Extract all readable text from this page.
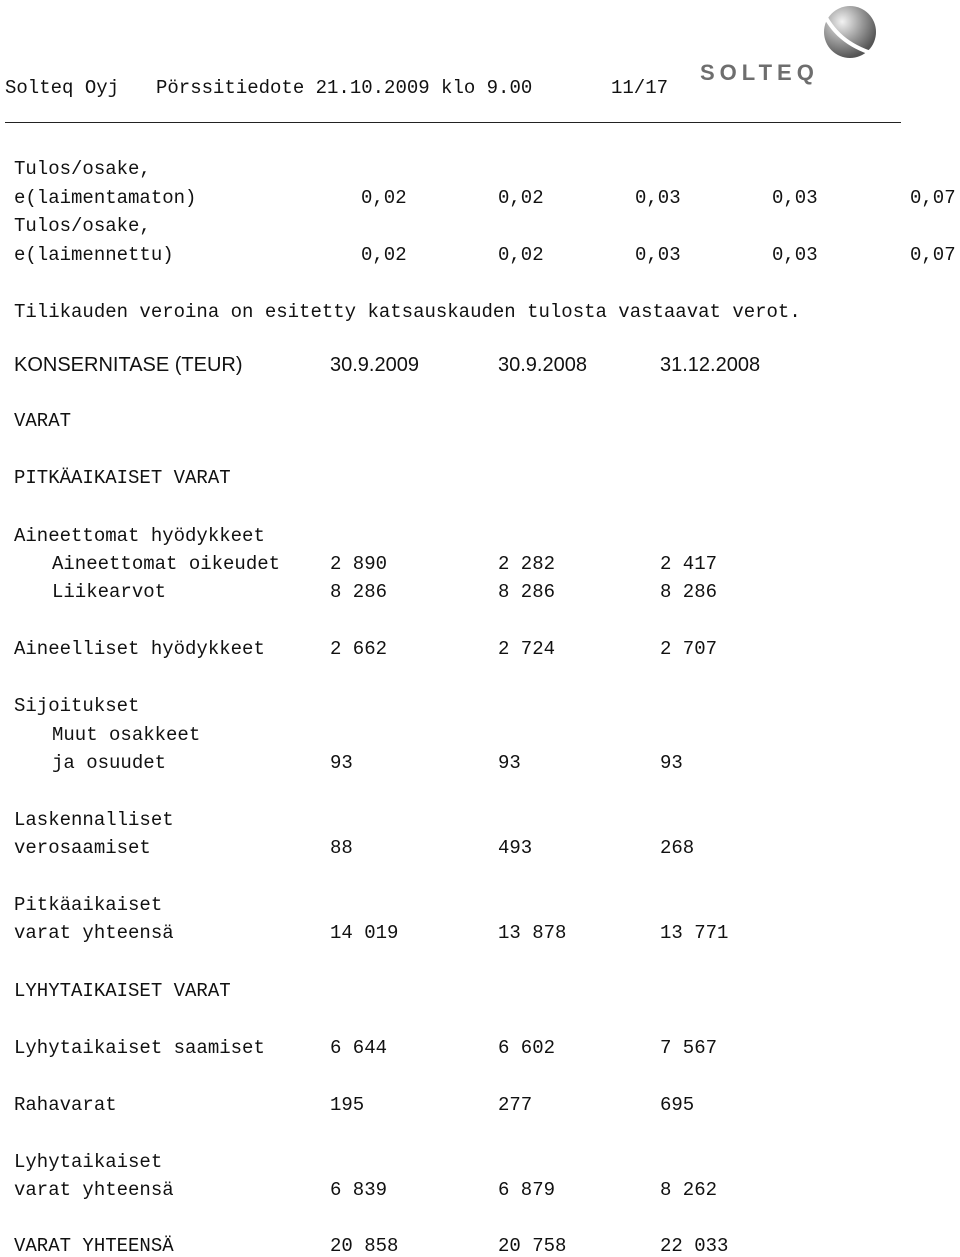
Solteq Oyj Pörssitiedote 21.10.2009 klo 9.00	11/17
SOLTEQ
Tulos/osake,
e(laimentamaton)	0,02	0,02	0,03	0,03	0,07
Tulos/osake,
e(laimennettu)	0,02	0,02	0,03	0,03	0,07
Tilikauden veroina on esitetty katsauskauden tulosta vastaavat verot.
KONSERNITASE (TEUR)	30.9.2009	30.9.2008	31.12.2008
VARAT
PITKÄAIKAISET VARAT
Aineettomat hyödykkeet
Aineettomat oikeudet	2 890	2 282	2 417
Liikearvot	8 286	8 286	8 286
Aineelliset hyödykkeet	2 662	2 724	2 707
Sijoitukset
Muut osakkeet
ja osuudet	93	93	93
Laskennalliset
verosaamiset	88	493	268
Pitkäaikaiset
varat yhteensä	14 019	13 878	13 771
LYHYTAIKAISET VARAT
Lyhytaikaiset saamiset	6 644	6 602	7 567
Rahavarat	195	277	695
Lyhytaikaiset
varat yhteensä	6 839	6 879	8 262
VARAT YHTEENSÄ	20 858	20 758	22 033
